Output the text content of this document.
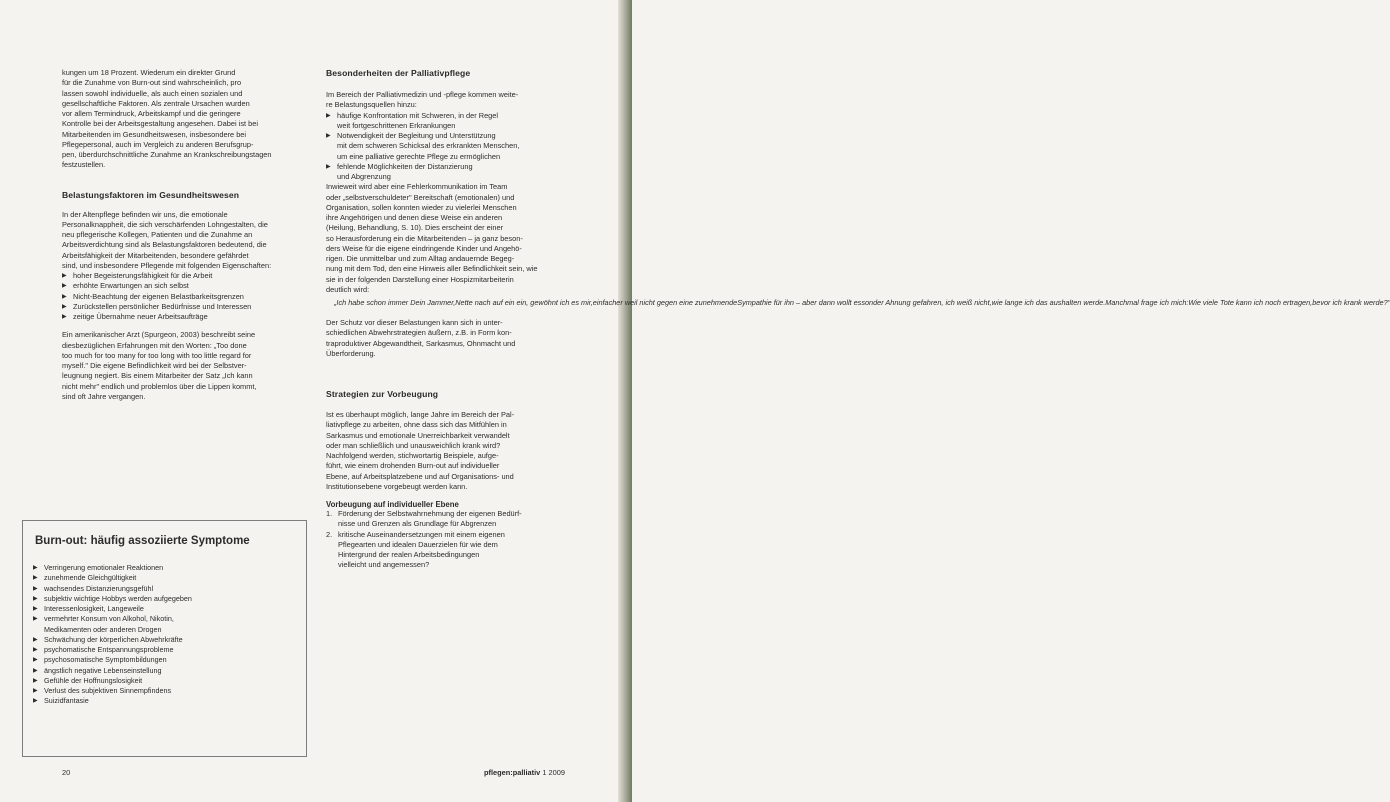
kungen um 18 Prozent. Wiederum ein direkter Grund
für die Zunahme von Burn-out sind wahrscheinlich, pro
lassen sowohl individuelle, als auch einen sozialen und
gesellschaftliche Faktoren. Als zentrale Ursachen wurden
vor allem Termindruck, Arbeitskampf und die geringere
Kontrolle bei der Arbeitsgestaltung angesehen. Dabei ist bei
Mitarbeitenden im Gesundheitswesen, insbesondere bei
Pflegepersonal, auch im Vergleich zu anderen Berufsgrup-
pen, überdurchschnittliche Zunahme an Krankschreibungstagen
festzustellen.
Belastungsfaktoren im Gesundheitswesen
In der Altenpflege befinden wir uns, die emotionale
Personalknappheit, die sich verschärfenden Lohngestalten, die
neu pflegerische Kollegen, Patienten und die Zunahme an
Arbeitsverdichtung sind als Belastungsfaktoren bedeutend, die
Arbeitsfähigkeit der Mitarbeitenden, besondere gefährdet
sind, und insbesondere Pflegende mit folgenden Eigenschaften:
▶ hoher Begeisterungsfähigkeit für die Arbeit
▶ erhöhte Erwartungen an sich selbst
▶ Nicht-Beachtung der eigenen Belastbarkeitsgrenzen
▶ Zurückstellen persönlicher Bedürfnisse und Interessen
▶ zeitige Übernahme neuer Arbeitsaufträge
Ein amerikanischer Arzt (Spurgeon, 2003) beschreibt seine
diesbezüglichen Erfahrungen mit den Worten: „Too done
too much for too many for too long with too little regard for
myself." Die eigene Befindlichkeit wird bei der Selbstver-
leugnung negiert. Bis einem Mitarbeiter der Satz „Ich kann
nicht mehr" endlich und problemlos über die Lippen kommt,
sind oft Jahre vergangen.
Burn-out: häufig assoziierte Symptome
▶ Verringerung emotionaler Reaktionen
▶ zunehmende Gleichgültigkeit
▶ wachsendes Distanzierungsgefühl
▶ subjektiv wichtige Hobbys werden aufgegeben
▶ Interessenlosigkeit, Langeweile
▶ vermehrter Konsum von Alkohol, Nikotin,
Medikamenten oder anderen Drogen
▶ Schwächung der körperlichen Abwehrkräfte
▶ psychomatische Entspannungsprobleme
▶ psychosomatische Symptombildungen
▶ ängstlich negative Lebenseinstellung
▶ Gefühle der Hoffnungslosigkeit
▶ Verlust des subjektiven Sinnempfindens
▶ Suizidfantasie
Besonderheiten der Palliativpflege
Im Bereich der Palliativmedizin und -pflege kommen weite-
re Belastungsquellen hinzu:
▶ häufige Konfrontation mit Schweren, in der Regel
weit fortgeschrittenen Erkrankungen
▶ Notwendigkeit der Begleitung und Unterstützung
mit dem schweren Schicksal des erkrankten Menschen,
um eine palliative gerechte Pflege zu ermöglichen
▶ fehlende Möglichkeiten der Distanzierung
und Abgrenzung
Inwieweit wird aber eine Fehlerkommunikation im Team
oder „selbstverschuldeter" Bereitschaft (emotionalen) und
Organisation, sollen konnten wieder zu vielerlei Menschen
ihre Angehörigen und denen diese Weise ein anderen
(Heilung, Behandlung, S. 10). Dies erscheint der einer
so Herausforderung ein die Mitarbeitenden – ja ganz beson-
ders Weise für die eigene eindringende Kinder und Angehö-
rigen. Die unmittelbar und zum Alltag andauernde Begeg-
nung mit dem Tod, den eine Hinweis aller Befindlichkeit sein, wie
sie in der folgenden Darstellung einer Hospizmitarbeiterin
deutlich wird:
„Ich habe schon immer Dein Jammer,Nette nach auf ein ein, gewöhnt ich es mir,einfacher weil nicht gegen eine zunehmendeSympathie für ihn – aber dann wollt essonder Ahnung gefahren, ich weiß nicht,wie lange ich das aushalten werde.Manchmal frage ich mich:Wie viele Tote kann ich noch ertragen,bevor ich krank werde?"
Der Schutz vor dieser Belastungen kann sich in unter-
schiedlichen Abwehrstrategien äußern, z.B. in Form kon-
traproduktiver Abgewandtheit, Sarkasmus, Ohnmacht und
Überforderung.
Strategien zur Vorbeugung
Ist es überhaupt möglich, lange Jahre im Bereich der Pal-
liativpflege zu arbeiten, ohne dass sich das Mitfühlen in
Sarkasmus und emotionale Unerreichbarkeit verwandelt
oder man schließlich und unausweichlich krank wird?
Nachfolgend werden, stichwortartig Beispiele, aufge-
führt, wie einem drohenden Burn-out auf individueller
Ebene, auf Arbeitsplatzebene und auf Organisations- und
Institutionsebene vorgebeugt werden kann.
Vorbeugung auf individueller Ebene
1. Förderung der Selbstwahrnehmung der eigenen Bedürf-
nisse und Grenzen als Grundlage für Abgrenzen
2. kritische Auseinandersetzungen mit einem eigenen
Pflegearten und idealen Dauerzielen für wie dem
Hintergrund der realen Arbeitsbedingungen
vielleicht und angemessen?
20	pflegen:palliativ 1 2009
